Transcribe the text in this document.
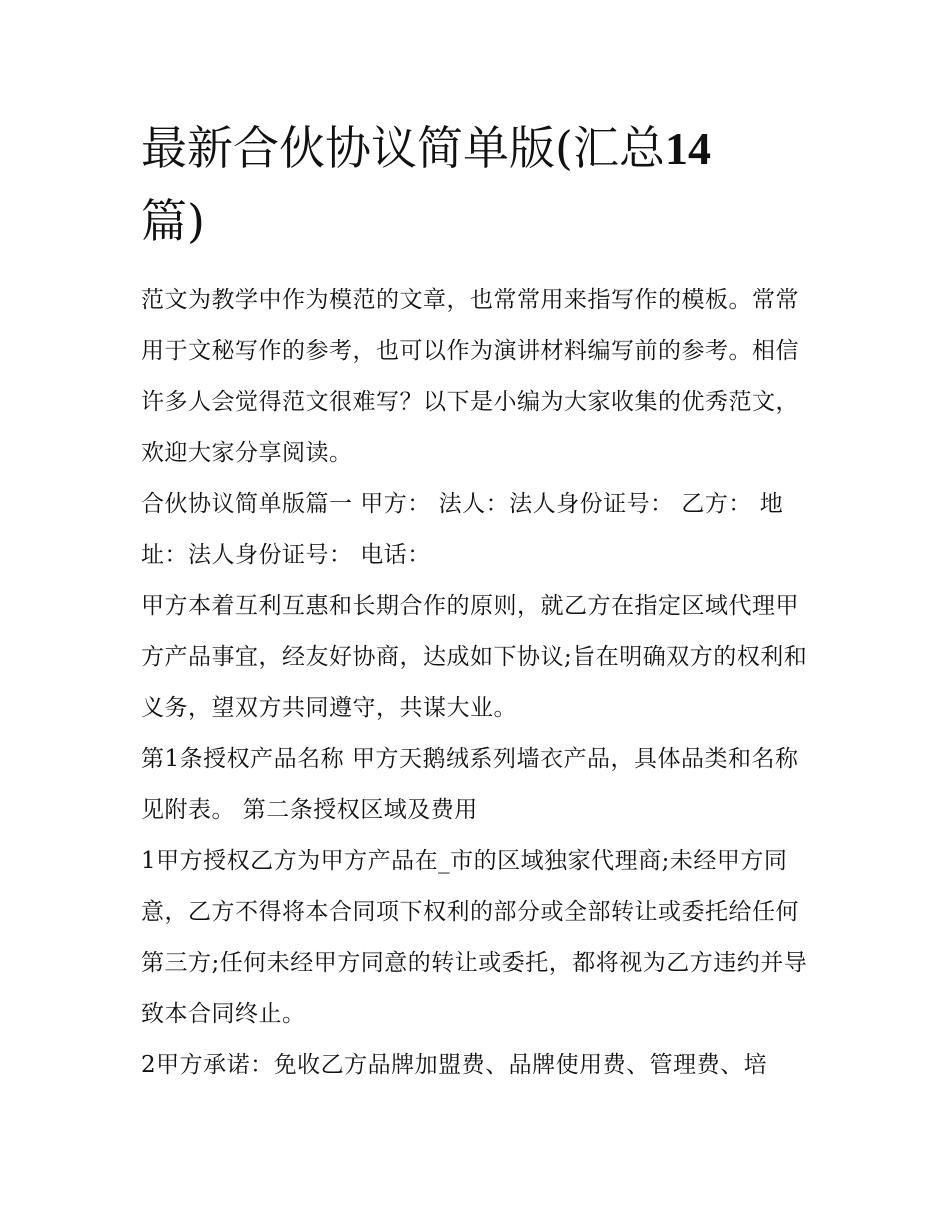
最新合伙协议简单版(汇总14
篇)

范文为教学中作为模范的文章，也常常用来指写作的模板。常常用于文秘写作的参考，也可以作为演讲材料编写前的参考。相信许多人会觉得范文很难写？以下是小编为大家收集的优秀范文，欢迎大家分享阅读。

合伙协议简单版篇一 甲方： 法人：法人身份证号： 乙方： 地址：法人身份证号： 电话：

甲方本着互利互惠和长期合作的原则，就乙方在指定区域代理甲方产品事宜，经友好协商，达成如下协议;旨在明确双方的权利和义务，望双方共同遵守，共谋大业。

第1条授权产品名称 甲方天鹅绒系列墙衣产品，具体品类和名称见附表。 第二条授权区域及费用

1甲方授权乙方为甲方产品在_市的区域独家代理商;未经甲方同意，乙方不得将本合同项下权利的部分或全部转让或委托给任何第三方;任何未经甲方同意的转让或委托，都将视为乙方违约并导致本合同终止。

2甲方承诺：免收乙方品牌加盟费、品牌使用费、管理费、培
